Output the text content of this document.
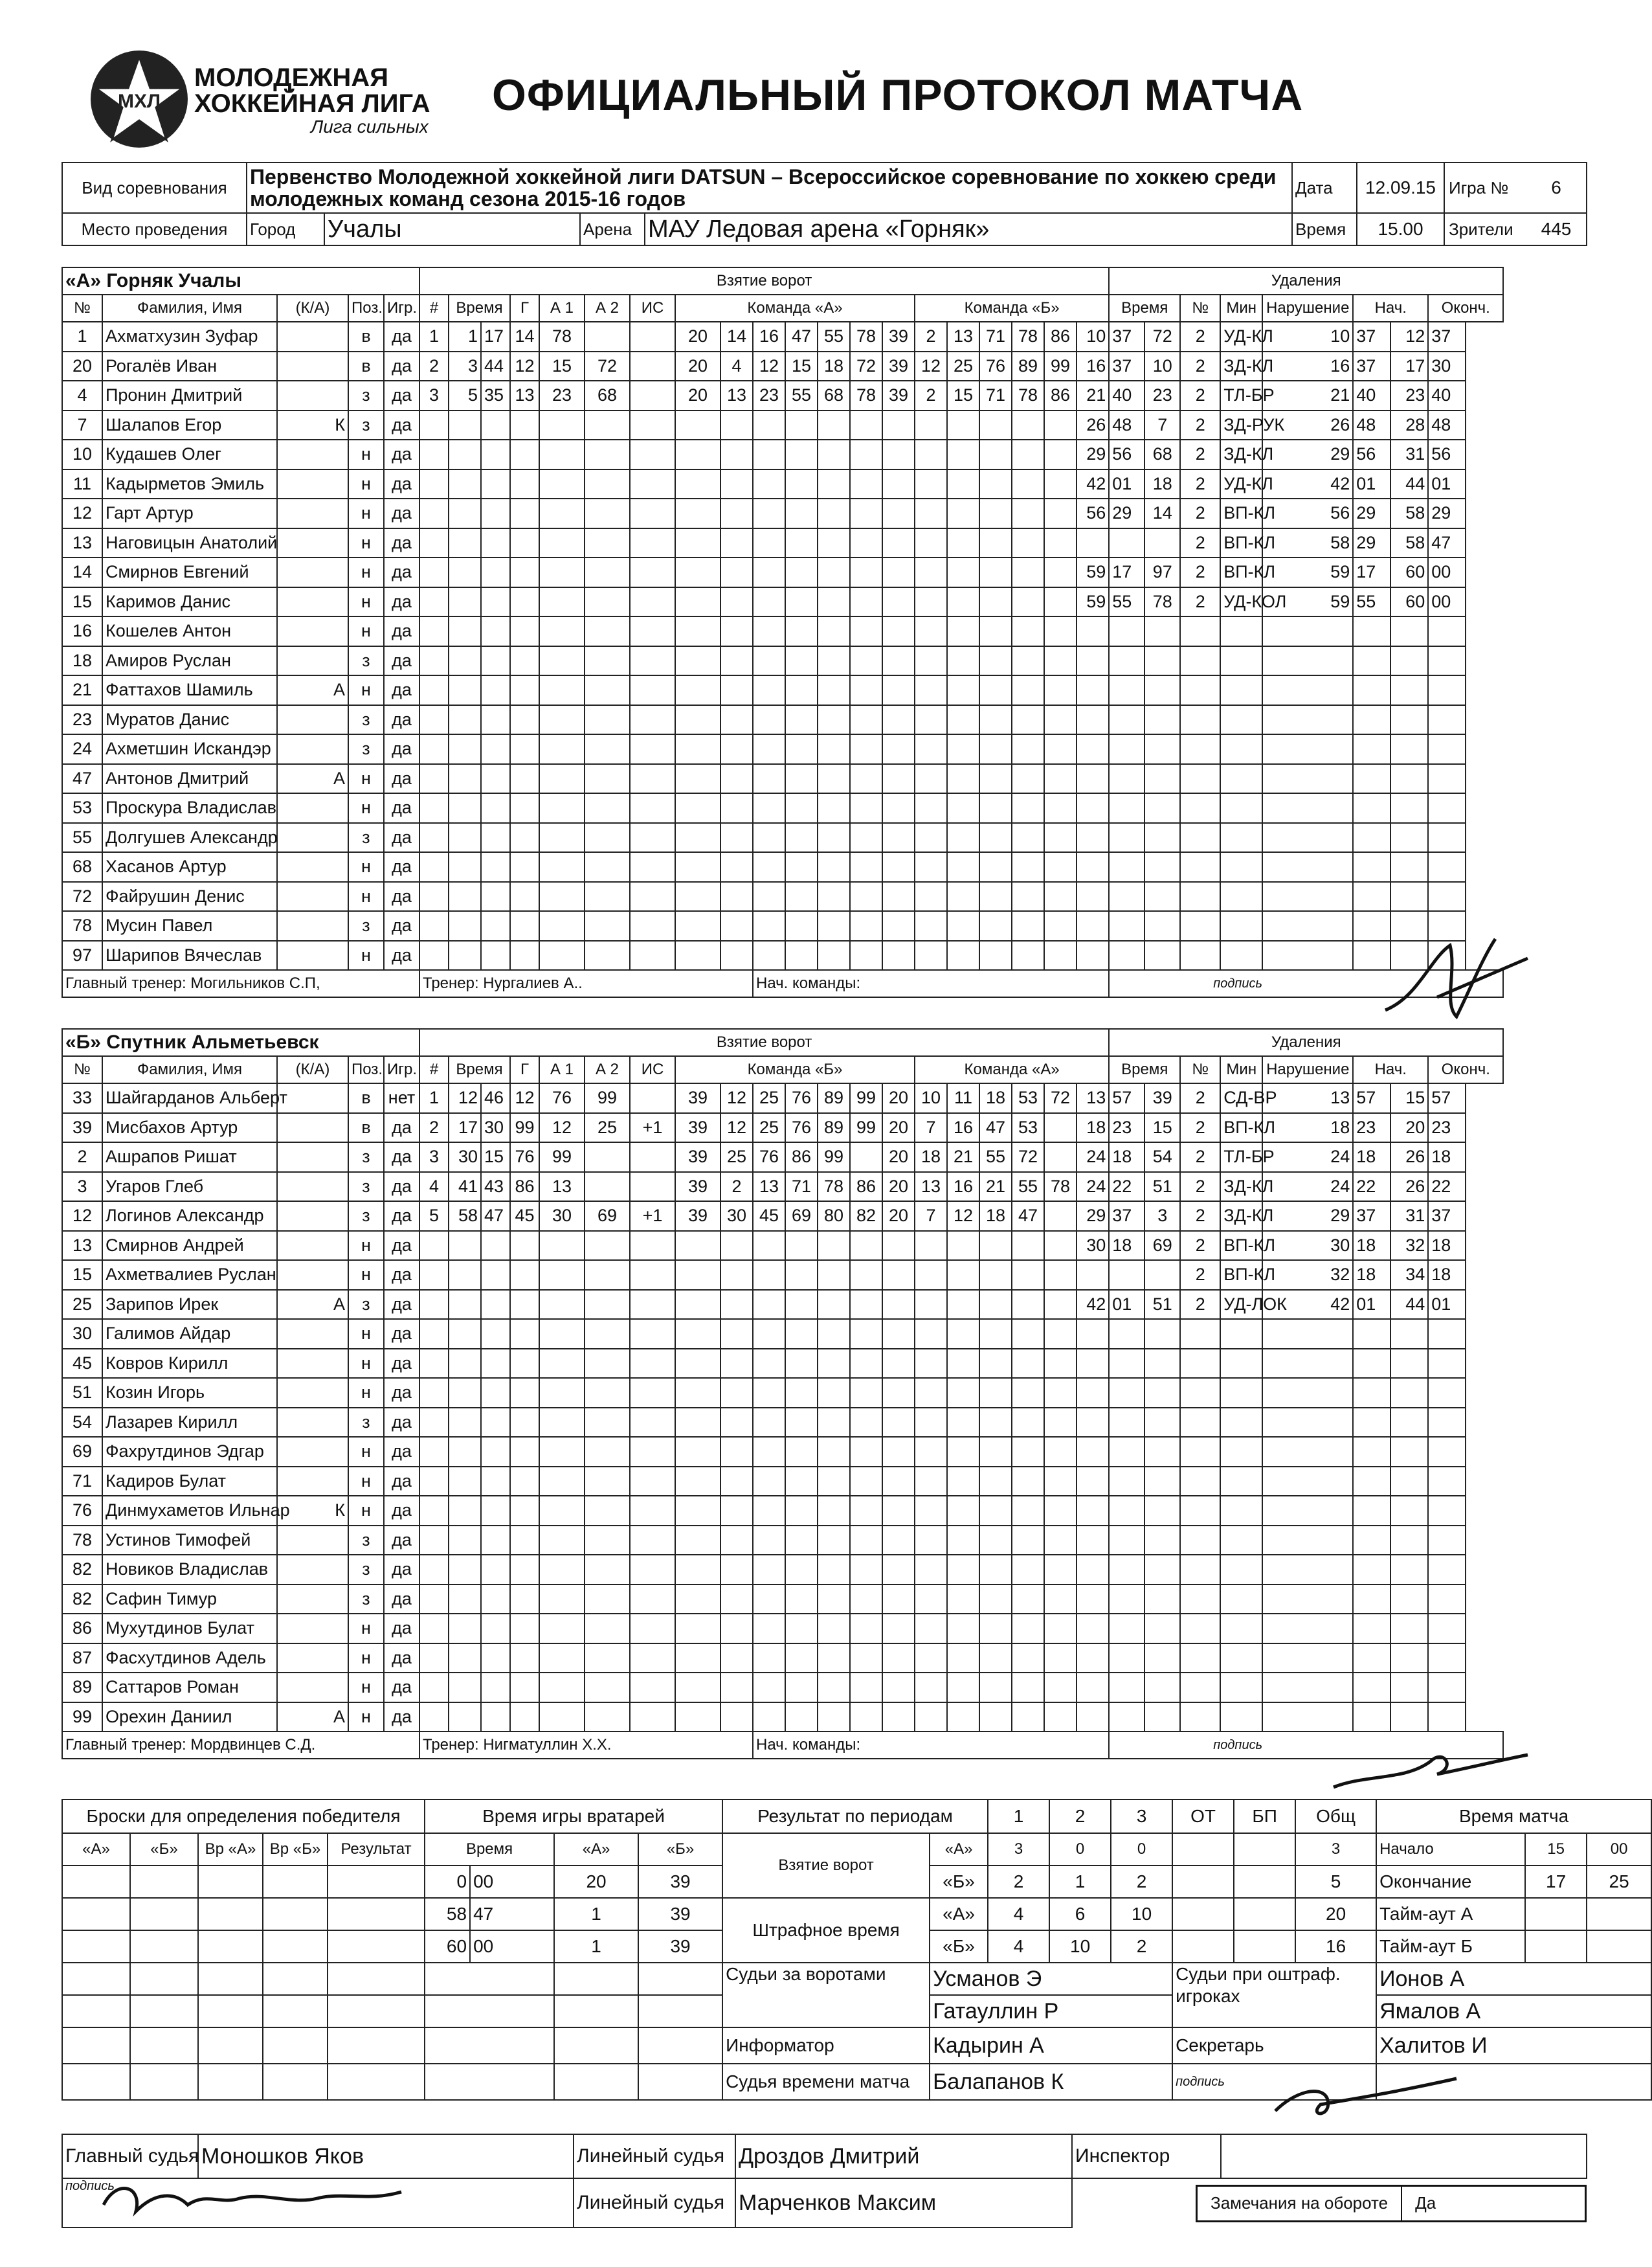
МХЛ
МОЛОДЕЖНАЯ
ХОККЕЙНАЯ ЛИГА
Лига сильных
ОФИЦИАЛЬНЫЙ ПРОТОКОЛ МАТЧА
Вид соревнования	Первенство Молодежной хоккейной лиги DATSUN – Всероссийское соревнование по хоккею среди молодежных команд сезона 2015-16 годов				Дата	12.09.15	Игра № 6

Место проведения	Город	Учалы	Арена	МАУ Ледовая арена «Горняк»	Время	15.00	Зрители 445
«А» Горняк Учалы					Взятие ворот																				Удаления							
№	Фамилия, Имя	(К/А)	Поз.	Игр.	#	Время		Г	А 1	А 2	ИС	Команда «А»							Команда «Б»						Время		№	Мин	Нарушение	Нач.		Оконч.
1	Ахматхузин Зуфар		в	да	1	1	17	14	78			20	14	16	47	55	78	39	2	13	71	78	86	10	37	72	2	УД-КЛ	10	37	12	37
20	Рогалёв Иван		в	да	2	3	44	12	15	72		20	4	12	15	18	72	39	12	25	76	89	99	16	37	10	2	ЗД-КЛ	16	37	17	30
4	Пронин Дмитрий		з	да	3	5	35	13	23	68		20	13	23	55	68	78	39	2	15	71	78	86	21	40	23	2	ТЛ-БР	21	40	23	40
7	Шалапов Егор	К	з	да																				26	48	7	2	ЗД-РУК	26	48	28	48
10	Кудашев Олег		н	да																				29	56	68	2	ЗД-КЛ	29	56	31	56
11	Кадырметов Эмиль		н	да																				42	01	18	2	УД-КЛ	42	01	44	01
12	Гарт Артур		н	да																				56	29	14	2	ВП-КЛ	56	29	58	29
13	Наговицын Анатолий		н	да																							2	ВП-КЛ	58	29	58	47
14	Смирнов Евгений		н	да																				59	17	97	2	ВП-КЛ	59	17	60	00
15	Каримов Данис		н	да																				59	55	78	2	УД-КОЛ	59	55	60	00
16	Кошелев Антон		н	да																												
18	Амиров Руслан		з	да																												
21	Фаттахов Шамиль	А	н	да																												
23	Муратов Данис		з	да																												
24	Ахметшин Искандэр		з	да																												
47	Антонов Дмитрий	А	н	да																												
53	Проскура Владислав		н	да																												
55	Долгушев Александр		з	да																												
68	Хасанов Артур		н	да																												
72	Файрушин Денис		н	да																												
78	Мусин Павел		з	да																												
97	Шарипов Вячеслав		н	да																												
Главный тренер: Могильников С.П,					Тренер: Нургалиев А..									Нач. команды:											подпись							
«Б» Спутник Альметьевск					Взятие ворот																				Удаления							
№	Фамилия, Имя	(К/А)	Поз.	Игр.	#	Время		Г	А 1	А 2	ИС	Команда «Б»							Команда «А»						Время		№	Мин	Нарушение	Нач.		Оконч.
33	Шайгарданов Альберт		в	нет	1	12	46	12	76	99		39	12	25	76	89	99	20	10	11	18	53	72	13	57	39	2	СД-ВР	13	57	15	57
39	Мисбахов Артур		в	да	2	17	30	99	12	25	+1	39	12	25	76	89	99	20	7	16	47	53		18	23	15	2	ВП-КЛ	18	23	20	23
2	Ашрапов Ришат		з	да	3	30	15	76	99			39	25	76	86	99		20	18	21	55	72		24	18	54	2	ТЛ-БР	24	18	26	18
3	Угаров Глеб		з	да	4	41	43	86	13			39	2	13	71	78	86	20	13	16	21	55	78	24	22	51	2	ЗД-КЛ	24	22	26	22
12	Логинов Александр		з	да	5	58	47	45	30	69	+1	39	30	45	69	80	82	20	7	12	18	47		29	37	3	2	ЗД-КЛ	29	37	31	37
13	Смирнов Андрей		н	да																				30	18	69	2	ВП-КЛ	30	18	32	18
15	Ахметвалиев Руслан		н	да																							2	ВП-КЛ	32	18	34	18
25	Зарипов Ирек	А	з	да																				42	01	51	2	УД-ЛОК	42	01	44	01
30	Галимов Айдар		н	да																												
45	Ковров Кирилл		н	да																												
51	Козин Игорь		н	да																												
54	Лазарев Кирилл		з	да																												
69	Фахрутдинов Эдгар		н	да																												
71	Кадиров Булат		н	да																												
76	Динмухаметов Ильнар	К	н	да																												
78	Устинов Тимофей		з	да																												
82	Новиков Владислав		з	да																												
82	Сафин Тимур		з	да																												
86	Мухутдинов Булат		н	да																												
87	Фасхутдинов Адель		н	да																												
89	Саттаров Роман		н	да																												
99	Орехин Даниил	А	н	да																												
Главный тренер: Мордвинцев С.Д.					Тренер: Нигматуллин Х.Х.									Нач. команды:											подпись							
Броски для определения победителя					Время игры вратарей				Результат по периодам		1	2	3	ОТ	БП	Общ	Время матча		
«А»	«Б»	Вр «А»	Вр «Б»	Результат	Время		«А»	«Б»	Взятие ворот	«А»	3	0	0			3	Начало	15	00
					0	00	20	39		«Б»	2	1	2			5	Окончание	17	25
					58	47	1	39	Штрафное время	«А»	4	6	10			20	Тайм-аут А		
					60	00	1	39		«Б»	4	10	2			16	Тайм-аут Б		
									Судьи за воротами	Усманов Э				Судьи при оштраф. игроках			Ионов А		
										Гатауллин Р							Ямалов А		
									Информатор	Кадырин А				Секретарь			Халитов И		
									Судья времени матча	Балапанов К				подпись					
Главный судья	Моношков Яков	Линейный судья	Дроздов Дмитрий	Инспектор	
подпись		Линейный судья	Марченков Максим	Замечания на обороте Да	
